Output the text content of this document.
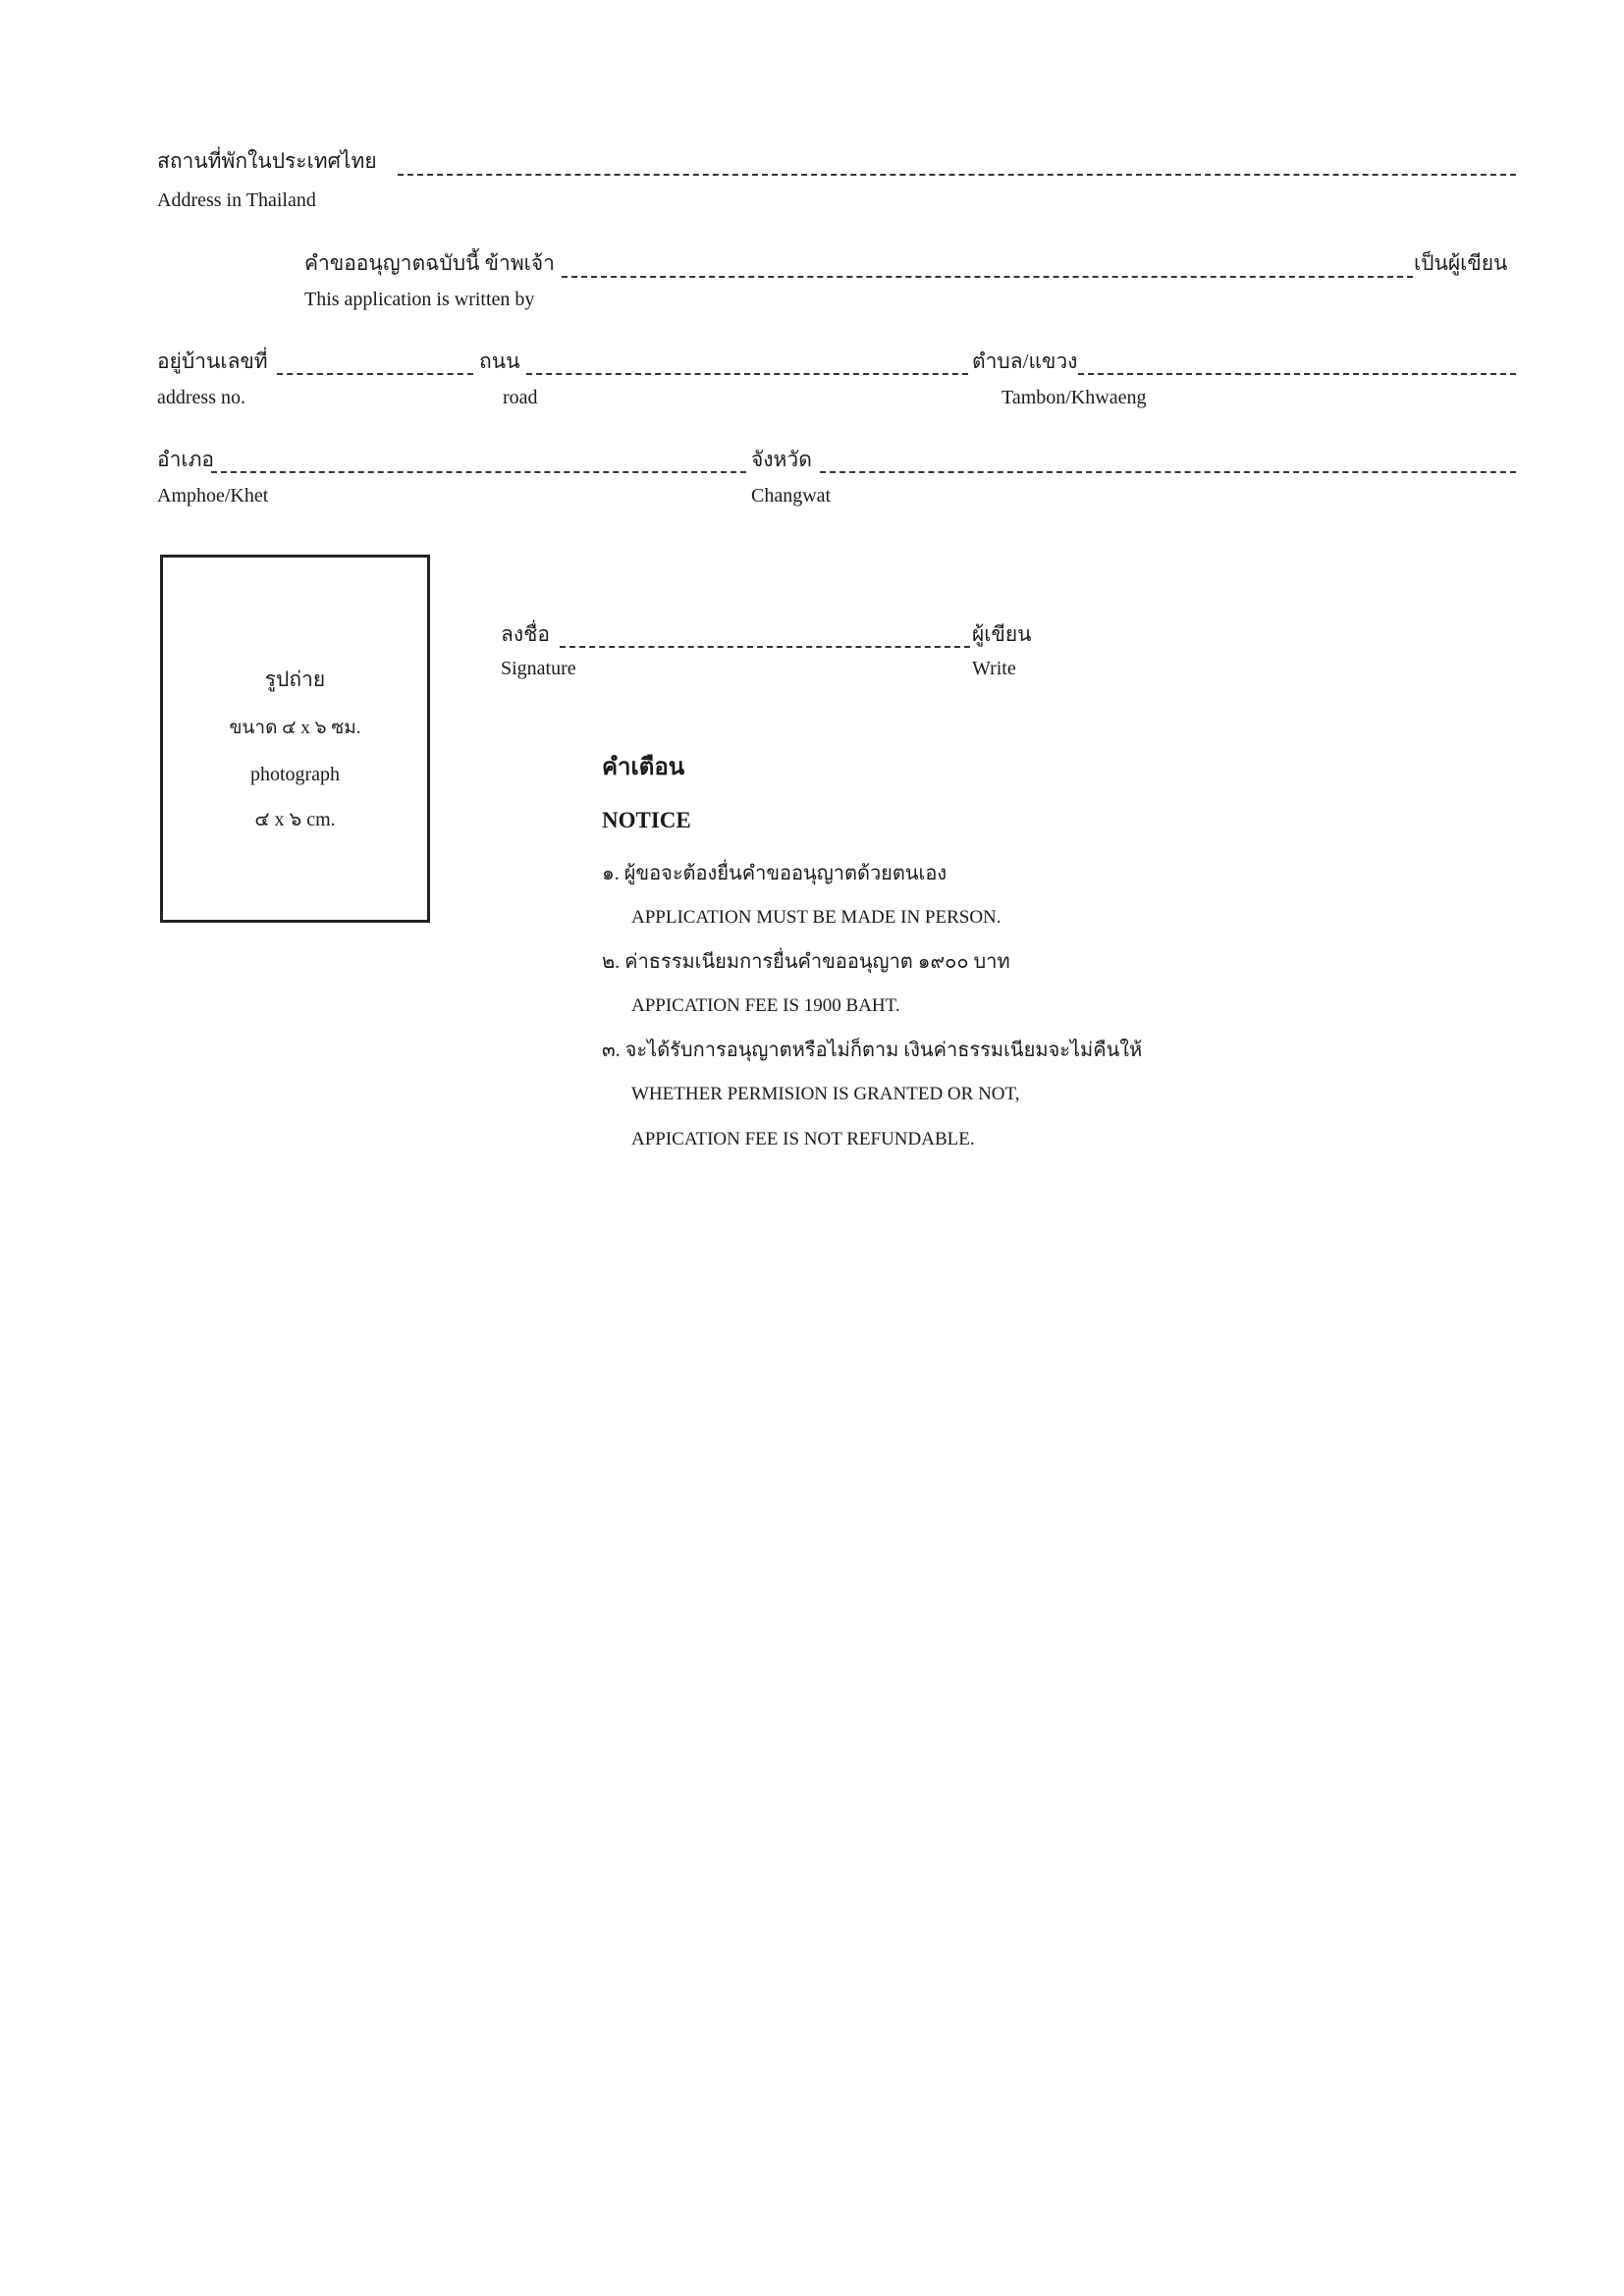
สถานที่พักในประเทศไทย
Address in Thailand
คำขออนุญาตฉบับนี้ ข้าพเจ้า	เป็นผู้เขียน
This application is written by
อยู่บ้านเลขที่	ถนน	ตำบล/แขวง
address no.	road	Tambon/Khwaeng
อำเภอ	จังหวัด
Amphoe/Khet	Changwat
รูปถ่าย
ขนาด ๔ x ๖ ซม.
photograph
๔ x ๖ cm.
ลงชื่อ	ผู้เขียน
Signature	Write
คำเตือน
NOTICE
๑. ผู้ขอจะต้องยื่นคำขออนุญาตด้วยตนเอง
APPLICATION MUST BE MADE IN PERSON.
๒. ค่าธรรมเนียมการยื่นคำขออนุญาต ๑๙๐๐ บาท
APPICATION FEE IS 1900 BAHT.
๓. จะได้รับการอนุญาตหรือไม่ก็ตาม เงินค่าธรรมเนียมจะไม่คืนให้
WHETHER PERMISION IS GRANTED OR NOT,
APPICATION FEE IS NOT REFUNDABLE.
